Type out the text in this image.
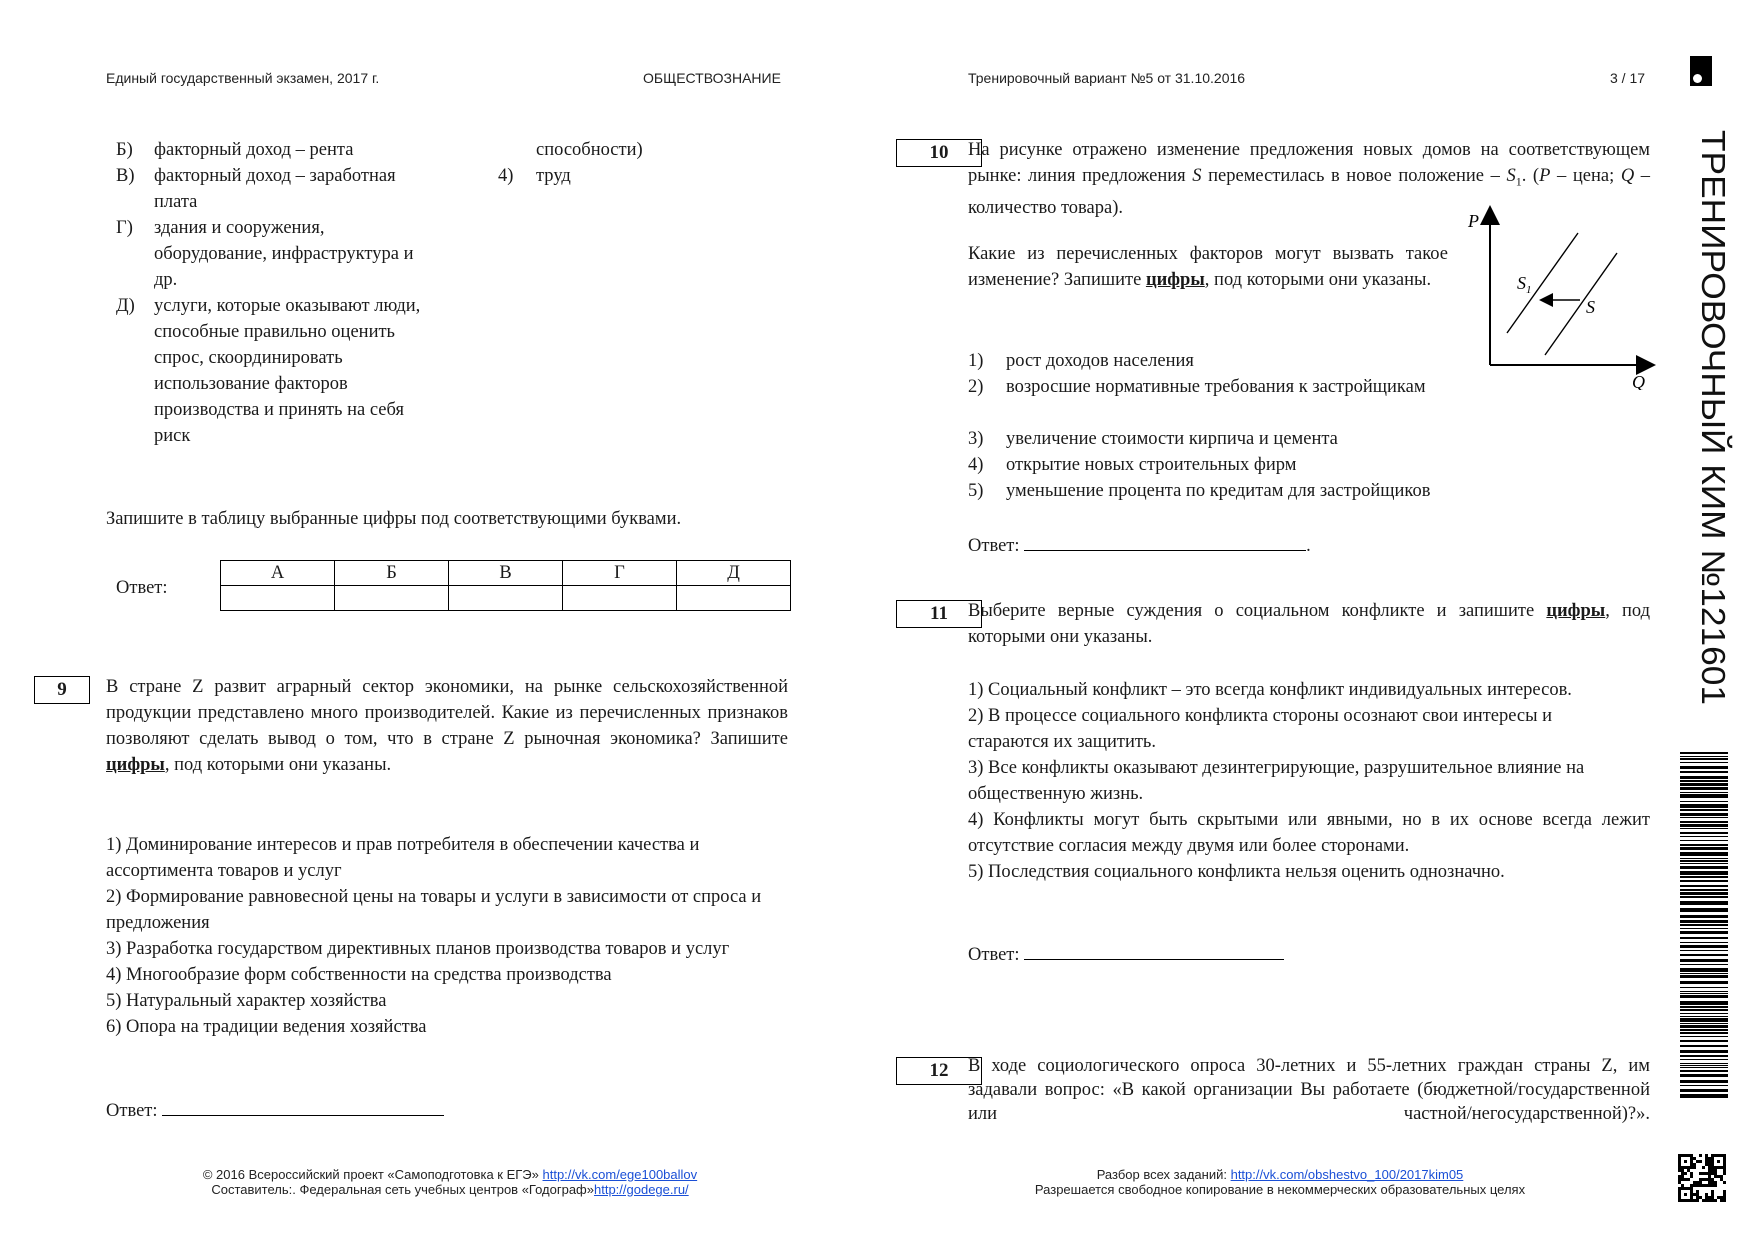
Единый государственный экзамен, 2017 г.	ОБЩЕСТВОЗНАНИЕ	Тренировочный вариант №5 от 31.10.2016	3 / 17
Б)	факторный доход – рента
В)	факторный доход – заработная плата
Г)	здания и сооружения, оборудование, инфраструктура и др.
Д)	услуги, которые оказывают люди, способные правильно оценить спрос, скоординировать использование факторов производства и принять на себя риск
способности)
4) труд
Запишите в таблицу выбранные цифры под соответствующими буквами.
Ответ:
А	Б	В	Г	Д

9	В стране Z развит аграрный сектор экономики, на рынке сельскохозяйственной продукции представлено много производителей. Какие из перечисленных признаков позволяют сделать вывод о том, что в стране Z рыночная экономика? Запишите цифры, под которыми они указаны.
1) Доминирование интересов и прав потребителя в обеспечении качества и ассортимента товаров и услуг
2) Формирование равновесной цены на товары и услуги в зависимости от спроса и предложения
3) Разработка государством директивных планов производства товаров и услуг
4) Многообразие форм собственности на средства производства
5) Натуральный характер хозяйства
6) Опора на традиции ведения хозяйства
Ответ:
10	На рисунке отражено изменение предложения новых домов на соответствующем рынке: линия предложения S переместилась в новое положение – $S_1$. (P – цена; Q – количество товара).
Какие из перечисленных факторов могут вызвать такое изменение? Запишите цифры, под которыми они указаны.
P
Q
$S_1$
S
1)	рост доходов населения
2)	возросшие нормативные требования к застройщикам
3)	увеличение стоимости кирпича и цемента
4)	открытие новых строительных фирм
5)	уменьшение процента по кредитам для застройщиков
Ответ:	.
11	Выберите верные суждения о социальном конфликте и запишите цифры, под которыми они указаны.
1) Социальный конфликт – это всегда конфликт индивидуальных интересов.
2) В процессе социального конфликта стороны осознают свои интересы и стараются их защитить.
3) Все конфликты оказывают дезинтегрирующие, разрушительное влияние на общественную жизнь.
4) Конфликты могут быть скрытыми или явными, но в их основе всегда лежит отсутствие согласия между двумя или более сторонами.
5) Последствия социального конфликта нельзя оценить однозначно.
Ответ:
12	В ходе социологического опроса 30-летних и 55-летних граждан страны Z, им задавали вопрос: «В какой организации Вы работаете (бюджетной/государственной или частной/негосударственной)?».
© 2016 Всероссийский проект «Самоподготовка к ЕГЭ» http://vk.com/ege100ballov
Составитель:. Федеральная сеть учебных центров «Годограф»http://godege.ru/
Разбор всех заданий: http://vk.com/obshestvo_100/2017kim05
Разрешается свободное копирование в некоммерческих образовательных целях
ТРЕНИРОВОЧНЫЙ КИМ №121601
